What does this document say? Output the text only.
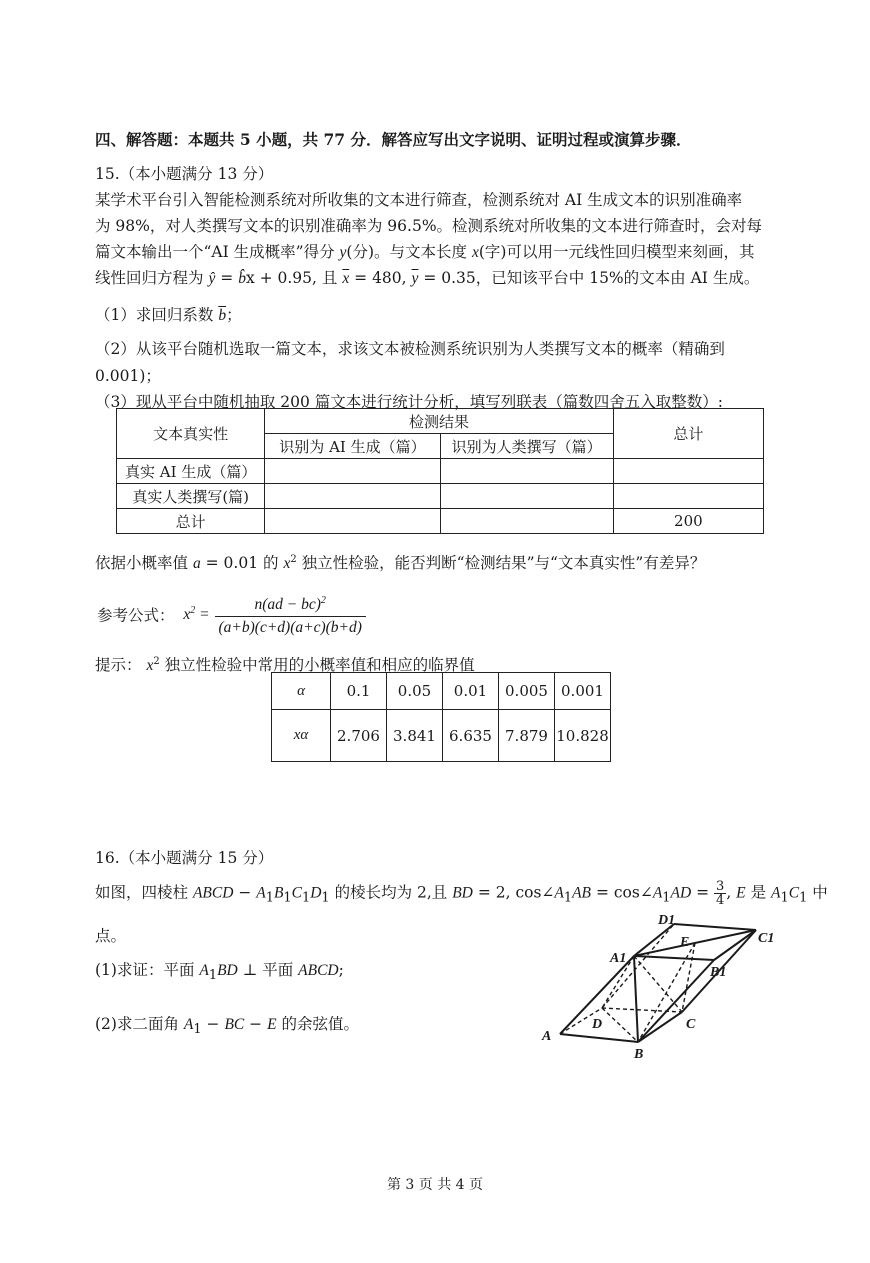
四、解答题：本题共 5 小题，共 77 分．解答应写出文字说明、证明过程或演算步骤．
15.（本小题满分 13 分）
某学术平台引入智能检测系统对所收集的文本进行筛查，检测系统对 AI 生成文本的识别准确率
为 98%，对人类撰写文本的识别准确率为 96.5%。检测系统对所收集的文本进行筛查时，会对每
篇文本输出一个“AI 生成概率”得分 y(分)。与文本长度 x(字)可以用一元线性回归模型来刻画，其
线性回归方程为 ŷ = b̂x + 0.95, 且 $\overline{x} = 480$, $\overline{y} = 0.35$，已知该平台中 15%的文本由 AI 生成。
（1）求回归系数 $\overline{b}$；
（2）从该平台随机选取一篇文本，求该文本被检测系统识别为人类撰写文本的概率（精确到
0.001)；
（3）现从平台中随机抽取 200 篇文本进行统计分析，填写列联表（篇数四舍五入取整数）:
文本真实性	检测结果		总计
	识别为 AI 生成（篇）	识别为人类撰写（篇）	
真实 AI 生成（篇）			
真实人类撰写(篇)			
总计			200
依据小概率值 a = 0.01 的 $x^2$ 独立性检验，能否判断“检测结果”与“文本真实性”有差异？
参考公式：  $x^2 = \frac{n(ad - bc)^2}{(a+b)(c+d)(a+c)(b+d)}$
提示： $x^2$ 独立性检验中常用的小概率值和相应的临界值
α	0.1	0.05	0.01	0.005	0.001
xα	2.706	3.841	6.635	7.879	10.828
16.（本小题满分 15 分）
如图，四棱柱 ABCD − $A_1B_1C_1D_1$ 的棱长均为 2,且 BD = 2, $\cos\angle A_1AB$ = $\cos\angle A_1AD = \frac{3}{4}$ , E 是 $A_1C_1$ 中
点。
(1)求证：平面 $A_1BD$ ⊥ 平面 ABCD;
(2)求二面角 $A_1$ − BC − E 的余弦值。
A
B
C
D
A1
B1
C1
D1
E
第 3 页 共 4 页
